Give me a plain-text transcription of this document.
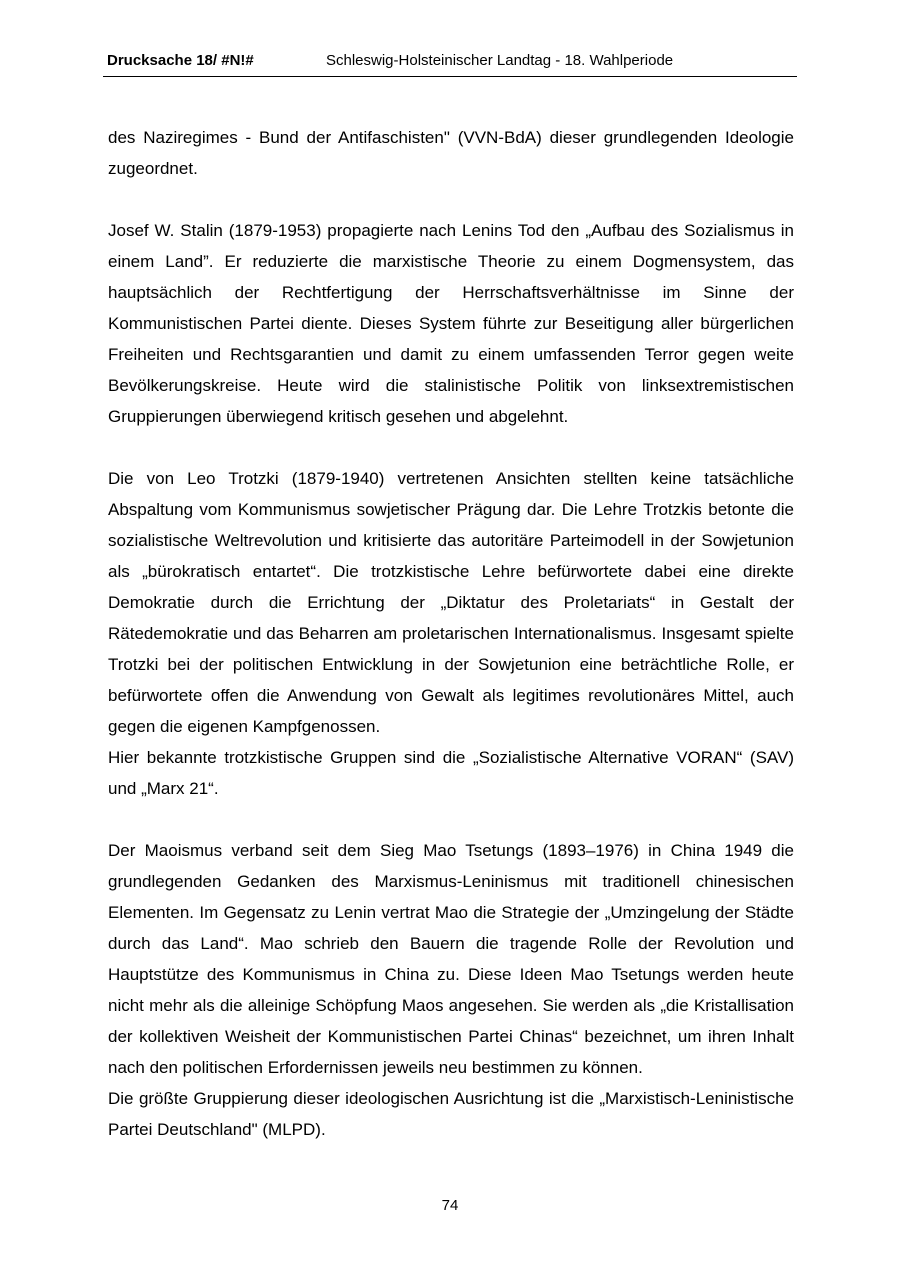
Drucksache 18/ #N!#	Schleswig-Holsteinischer Landtag - 18. Wahlperiode

des Naziregimes - Bund der Antifaschisten" (VVN-BdA) dieser grundlegenden Ideologie zugeordnet.

Josef W. Stalin (1879-1953) propagierte nach Lenins Tod den „Aufbau des Sozialismus in einem Land”. Er reduzierte die marxistische Theorie zu einem Dogmensystem, das hauptsächlich der Rechtfertigung der Herrschaftsverhältnisse im Sinne der Kommunistischen Partei diente. Dieses System führte zur Beseitigung aller bürgerlichen Freiheiten und Rechtsgarantien und damit zu einem umfassenden Terror gegen weite Bevölkerungskreise. Heute wird die stalinistische Politik von linksextremistischen Gruppierungen überwiegend kritisch gesehen und abgelehnt.

Die von Leo Trotzki (1879-1940) vertretenen Ansichten stellten keine tatsächliche Abspaltung vom Kommunismus sowjetischer Prägung dar. Die Lehre Trotzkis betonte die sozialistische Weltrevolution und kritisierte das autoritäre Parteimodell in der Sowjetunion als „bürokratisch entartet“. Die trotzkistische Lehre befürwortete dabei eine direkte Demokratie durch die Errichtung der „Diktatur des Proletariats“ in Gestalt der Rätedemokratie und das Beharren am proletarischen Internationalismus. Insgesamt spielte Trotzki bei der politischen Entwicklung in der Sowjetunion eine beträchtliche Rolle, er befürwortete offen die Anwendung von Gewalt als legitimes revolutionäres Mittel, auch gegen die eigenen Kampfgenossen.

Hier bekannte trotzkistische Gruppen sind die „Sozialistische Alternative VORAN“ (SAV) und „Marx 21“.

Der Maoismus verband seit dem Sieg Mao Tsetungs (1893–1976) in China 1949 die grundlegenden Gedanken des Marxismus-Leninismus mit traditionell chinesischen Elementen. Im Gegensatz zu Lenin vertrat Mao die Strategie der „Umzingelung der Städte durch das Land“. Mao schrieb den Bauern die tragende Rolle der Revolution und Hauptstütze des Kommunismus in China zu. Diese Ideen Mao Tsetungs werden heute nicht mehr als die alleinige Schöpfung Maos angesehen. Sie werden als „die Kristallisation der kollektiven Weisheit der Kommunistischen Partei Chinas“ bezeichnet, um ihren Inhalt nach den politischen Erfordernissen jeweils neu bestimmen zu können.

Die größte Gruppierung dieser ideologischen Ausrichtung ist die „Marxistisch-Leninistische Partei Deutschland" (MLPD).

74
